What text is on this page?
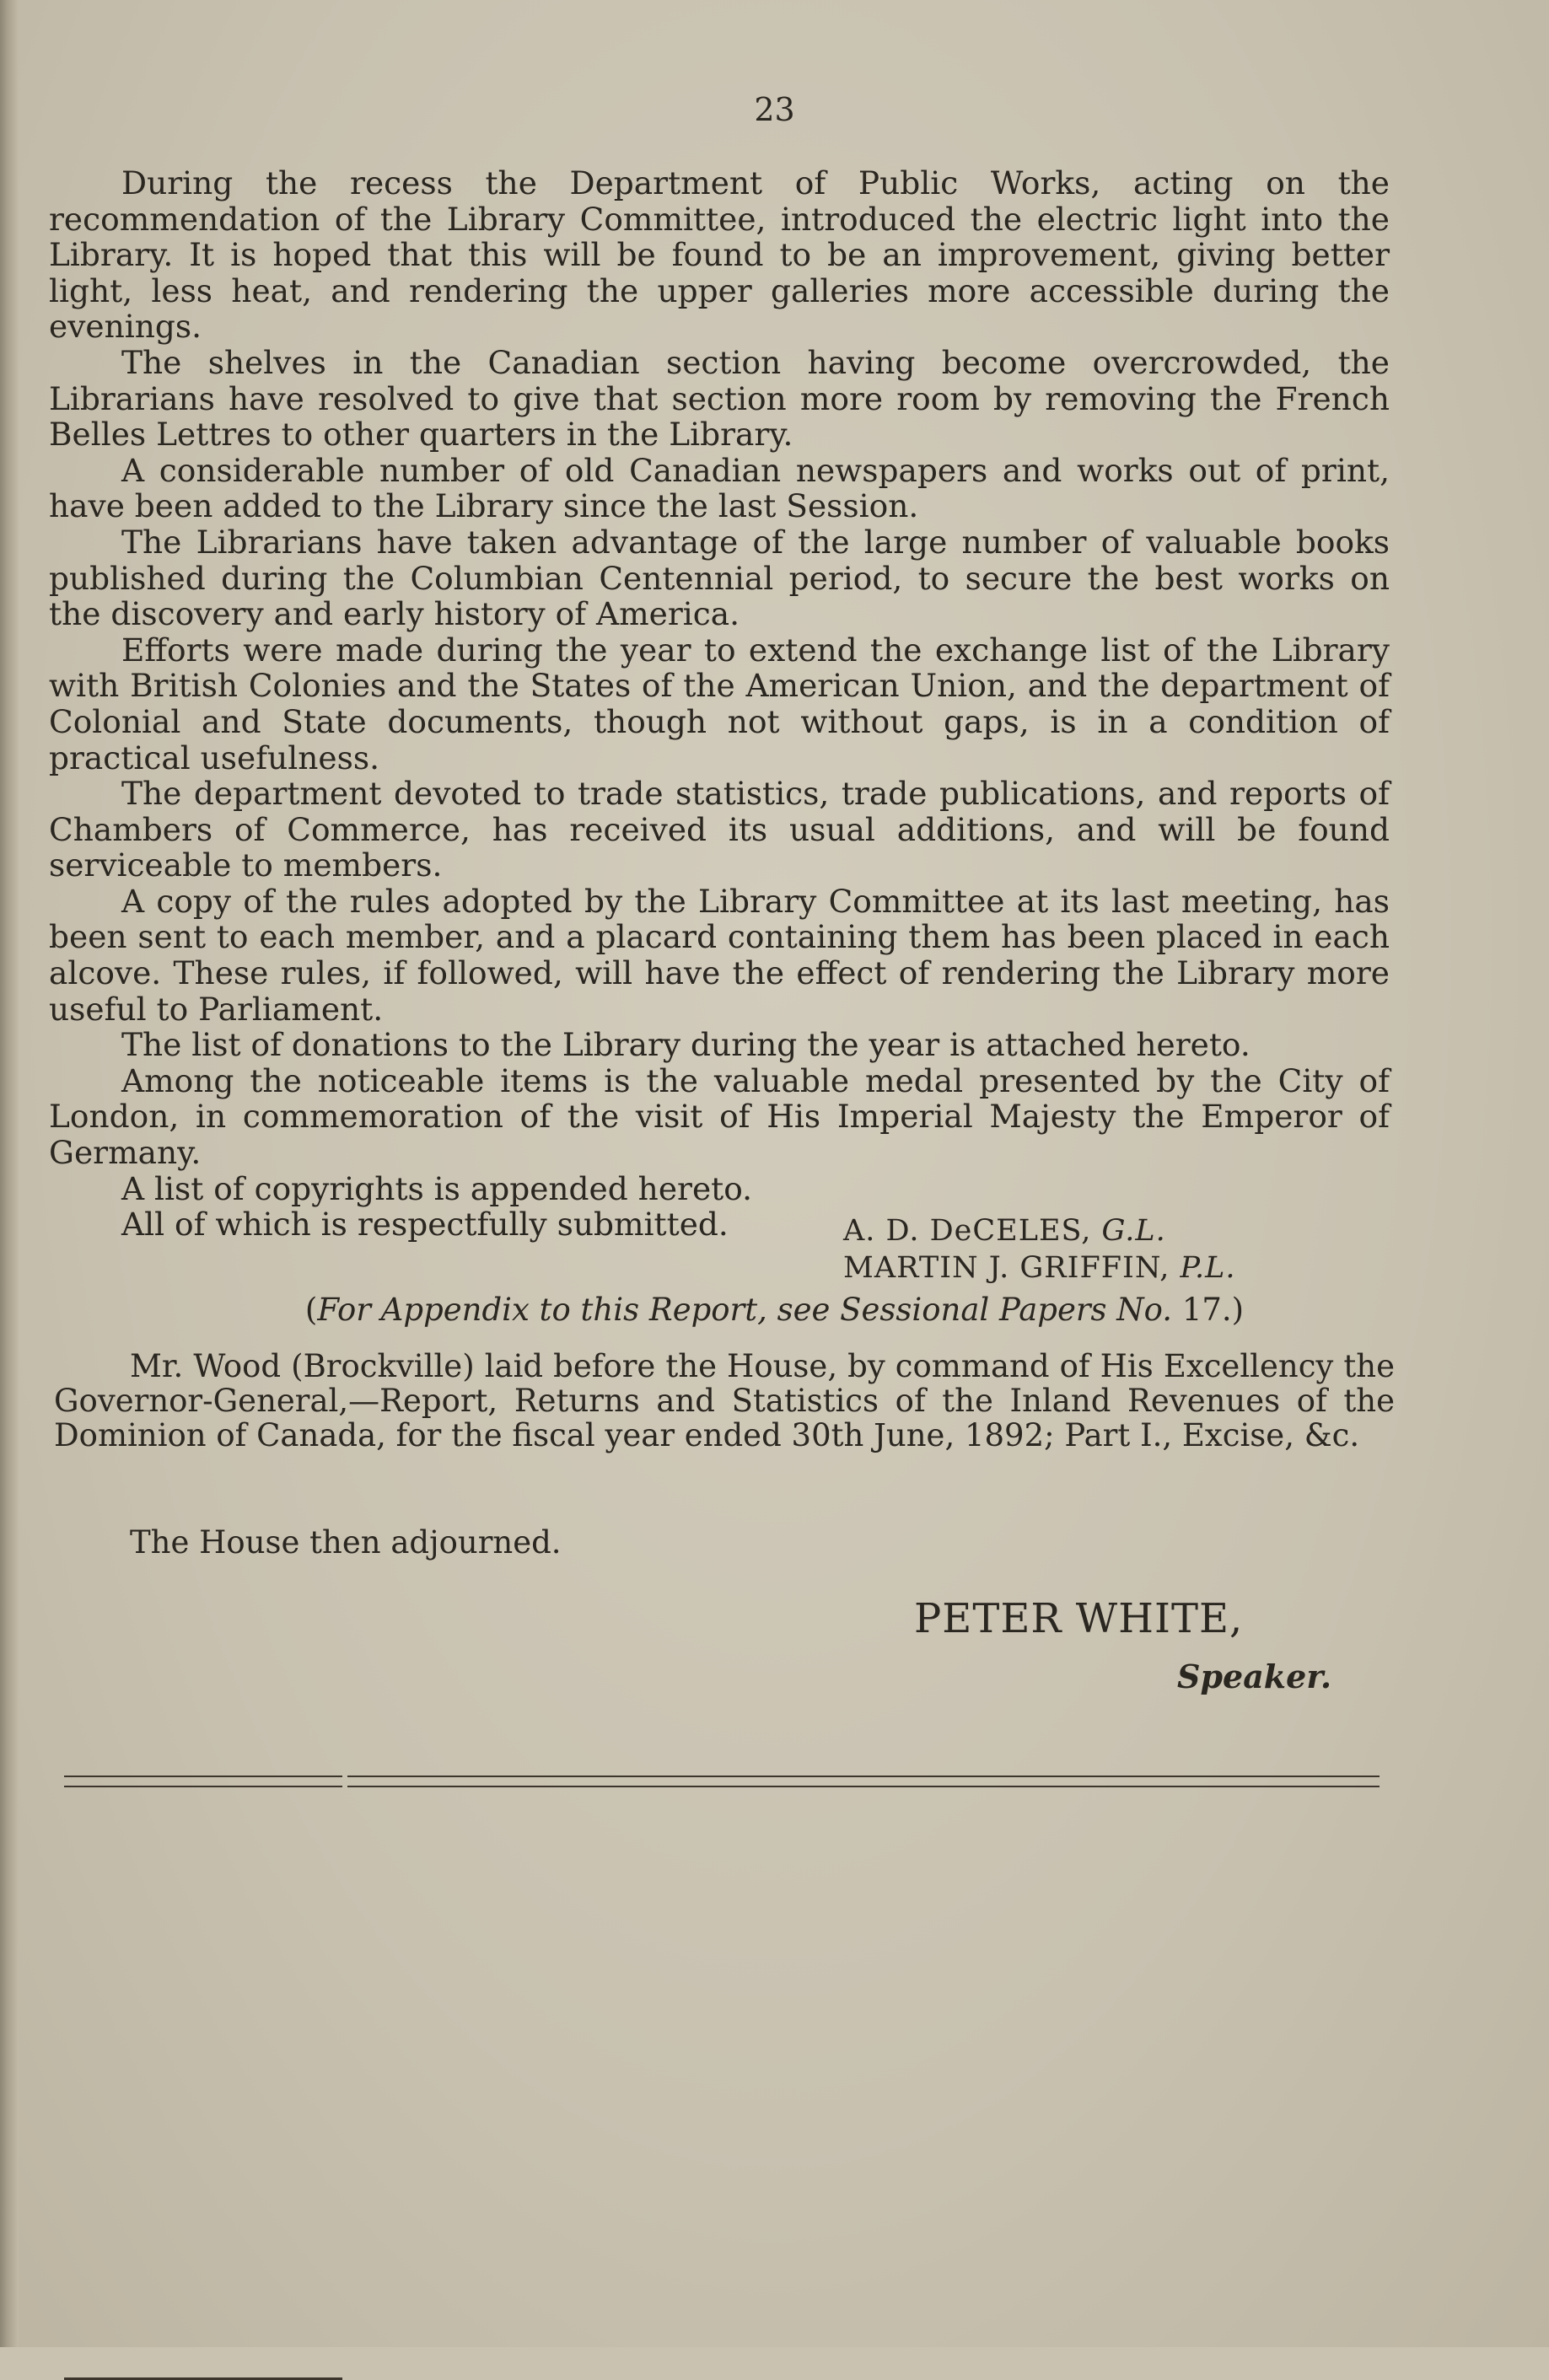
23

During the recess the Department of Public Works, acting on the recommendation of the Library Committee, introduced the electric light into the Library. It is hoped that this will be found to be an improvement, giving better light, less heat, and rendering the upper galleries more accessible during the evenings.

The shelves in the Canadian section having become overcrowded, the Librarians have resolved to give that section more room by removing the French Belles Lettres to other quarters in the Library.

A considerable number of old Canadian newspapers and works out of print, have been added to the Library since the last Session.

The Librarians have taken advantage of the large number of valuable books published during the Columbian Centennial period, to secure the best works on the discovery and early history of America.

Efforts were made during the year to extend the exchange list of the Library with British Colonies and the States of the American Union, and the department of Colonial and State documents, though not without gaps, is in a condition of practical usefulness.

The department devoted to trade statistics, trade publications, and reports of Chambers of Commerce, has received its usual additions, and will be found serviceable to members.

A copy of the rules adopted by the Library Committee at its last meeting, has been sent to each member, and a placard containing them has been placed in each alcove. These rules, if followed, will have the effect of rendering the Library more useful to Parliament.

The list of donations to the Library during the year is attached hereto.

Among the noticeable items is the valuable medal presented by the City of London, in commemoration of the visit of His Imperial Majesty the Emperor of Germany.

A list of copyrights is appended hereto.

All of which is respectfully submitted.	A. D. DeCELES, G.L.
MARTIN J. GRIFFIN, P.L.
(For Appendix to this Report, see Sessional Papers No. 17.)

Mr. Wood (Brockville) laid before the House, by command of His Excellency the Governor-General,—Report, Returns and Statistics of the Inland Revenues of the Dominion of Canada, for the fiscal year ended 30th June, 1892; Part I., Excise, &c.

The House then adjourned.
PETER WHITE,
Speaker.
